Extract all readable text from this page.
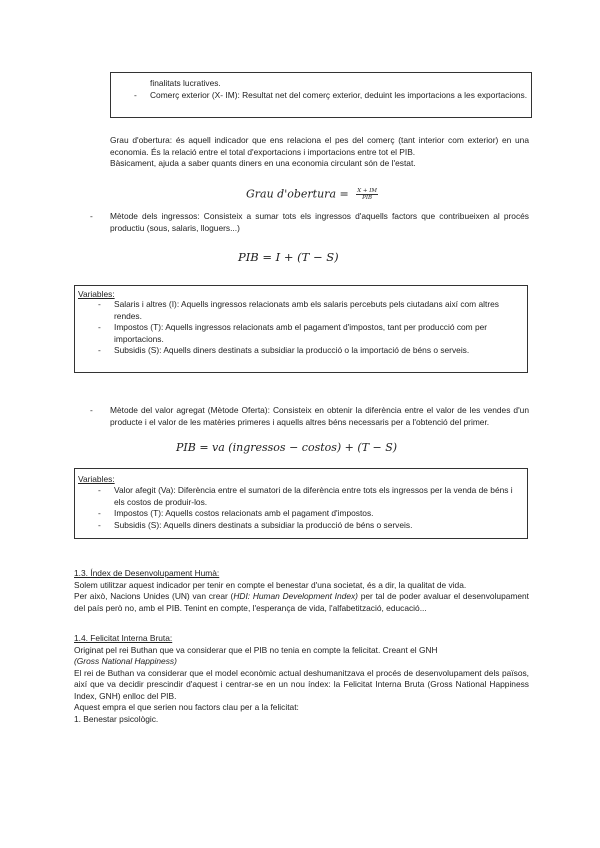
finalitats lucratives.

- Comerç exterior (X- IM): Resultat net del comerç exterior, deduint les importacions a les exportacions.

Grau d'obertura: és aquell indicador que ens relaciona el pes del comerç (tant interior com exterior) en una economia. És la relació entre el total d'exportacions i importacions entre tot el PIB.

Bàsicament, ajuda a saber quants diners en una economia circulant són de l'estat.

Grau d'obertura = $\frac{X + IM}{\text{PIB}}$
- Mètode dels ingressos: Consisteix a sumar tots els ingressos d'aquells factors que contribueixen al procés productiu (sous, salaris, lloguers...)

PIB = I + (T − S)

Variables:

- Salaris i altres (I): Aquells ingressos relacionats amb els salaris percebuts pels ciutadans així com altres rendes.
- Impostos (T): Aquells ingressos relacionats amb el pagament d'impostos, tant per producció com per importacions.
- Subsidis (S): Aquells diners destinats a subsidiar la producció o la importació de béns o serveis.
- Mètode del valor agregat (Mètode Oferta): Consisteix en obtenir la diferència entre el valor de les vendes d'un producte i el valor de les matèries primeres i aquells altres béns necessaris per a l'obtenció del primer.

PIB = va (ingressos − costos) + (T − S)

Variables:

- Valor afegit (Va): Diferència entre el sumatori de la diferència entre tots els ingressos per la venda de béns i els costos de produir-los.
- Impostos (T): Aquells costos relacionats amb el pagament d'impostos.
- Subsidis (S): Aquells diners destinats a subsidiar la producció de béns o serveis.

1.3. Índex de Desenvolupament Humà:

Solem utilitzar aquest indicador per tenir en compte el benestar d'una societat, és a dir, la qualitat de vida.

Per això, Nacions Unides (UN) van crear (HDI: Human Development Index) per tal de poder avaluar el desenvolupament del país però no, amb el PIB. Tenint en compte, l'esperança de vida, l'alfabetització, educació...

1.4. Felicitat Interna Bruta:

Originat pel rei Buthan que va considerar que el PIB no tenia en compte la felicitat. Creant el GNH

(Gross National Happiness)

El rei de Buthan va considerar que el model econòmic actual deshumanitzava el procés de desenvolupament dels països, així que va decidir prescindir d'aquest i centrar-se en un nou índex: la Felicitat Interna Bruta (Gross National Happiness Index, GNH) enlloc del PIB.

Aquest empra el que serien nou factors clau per a la felicitat:

1. Benestar psicològic.
